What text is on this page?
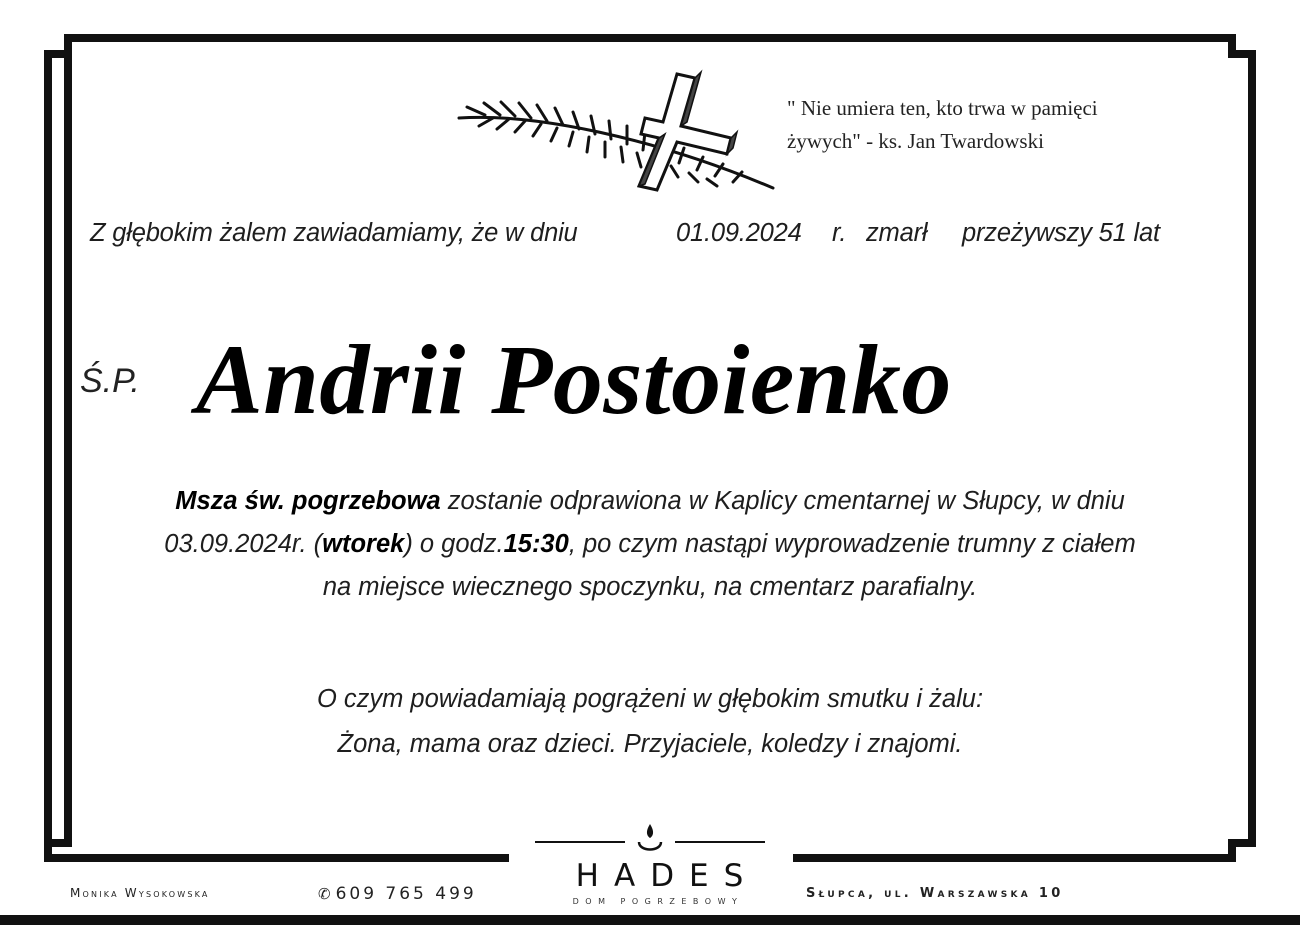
" Nie umiera ten, kto trwa w pamięci
żywych" - ks. Jan Twardowski
Z głębokim żalem zawiadamiamy, że w dniu	01.09.2024 r. zmarł przeżywszy 51 lat
Ś.P. Andrii Postoienko
Msza św. pogrzebowa zostanie odprawiona w Kaplicy cmentarnej w Słupcy, w dniu
03.09.2024r. (wtorek) o godz.15:30, po czym nastąpi wyprowadzenie trumny z ciałem
na miejsce wiecznego spoczynku, na cmentarz parafialny.
O czym powiadamiają pogrążeni w głębokim smutku i żalu:
Żona, mama oraz dzieci. Przyjaciele, koledzy i znajomi.
HADES
DOM POGRZEBOWY
Monika Wysokowska	✆ 609 765 499	Słupca, ul. Warszawska 10
